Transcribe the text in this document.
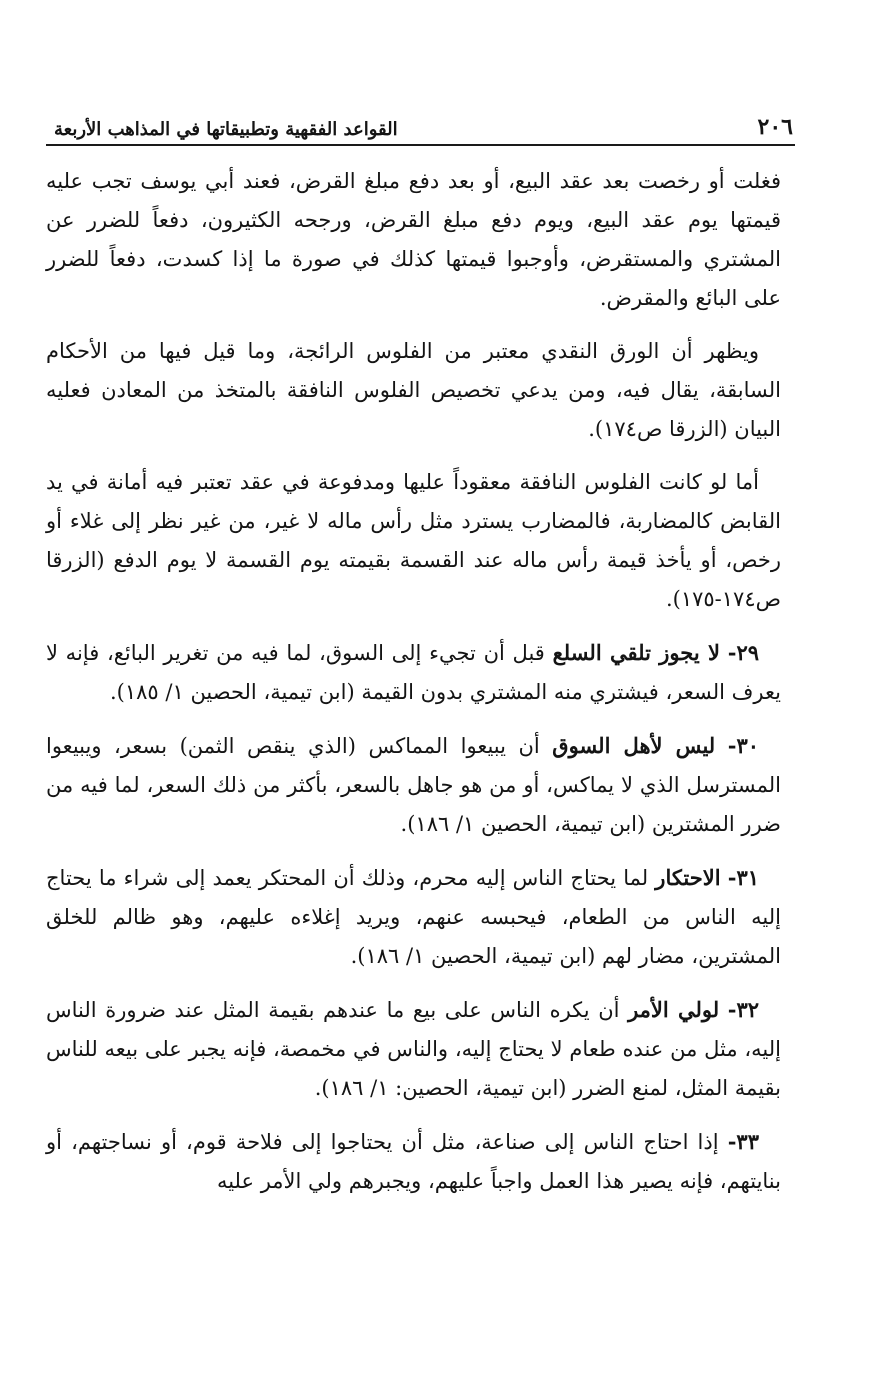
٢٠٦
القواعد الفقهية وتطبيقاتها في المذاهب الأربعة

فغلت أو رخصت بعد عقد البيع، أو بعد دفع مبلغ القرض، فعند أبي يوسف تجب عليه قيمتها يوم عقد البيع، ويوم دفع مبلغ القرض، ورجحه الكثيرون، دفعاً للضرر عن المشتري والمستقرض، وأوجبوا قيمتها كذلك في صورة ما إذا كسدت، دفعاً للضرر على البائع والمقرض.

ويظهر أن الورق النقدي معتبر من الفلوس الرائجة، وما قيل فيها من الأحكام السابقة، يقال فيه، ومن يدعي تخصيص الفلوس النافقة بالمتخذ من المعادن فعليه البيان (الزرقا ص١٧٤).

أما لو كانت الفلوس النافقة معقوداً عليها ومدفوعة في عقد تعتبر فيه أمانة في يد القابض كالمضاربة، فالمضارب يسترد مثل رأس ماله لا غير، من غير نظر إلى غلاء أو رخص، أو يأخذ قيمة رأس ماله عند القسمة بقيمته يوم القسمة لا يوم الدفع (الزرقا ص١٧٤-١٧٥).

٢٩- لا يجوز تلقي السلع قبل أن تجيء إلى السوق، لما فيه من تغرير البائع، فإنه لا يعرف السعر، فيشتري منه المشتري بدون القيمة (ابن تيمية، الحصين ١/ ١٨٥).

٣٠- ليس لأهل السوق أن يبيعوا المماكس (الذي ينقص الثمن) بسعر، ويبيعوا المسترسل الذي لا يماكس، أو من هو جاهل بالسعر، بأكثر من ذلك السعر، لما فيه من ضرر المشترين (ابن تيمية، الحصين ١/ ١٨٦).

٣١- الاحتكار لما يحتاج الناس إليه محرم، وذلك أن المحتكر يعمد إلى شراء ما يحتاج إليه الناس من الطعام، فيحبسه عنهم، ويريد إغلاءه عليهم، وهو ظالم للخلق المشترين، مضار لهم (ابن تيمية، الحصين ١/ ١٨٦).

٣٢- لولي الأمر أن يكره الناس على بيع ما عندهم بقيمة المثل عند ضرورة الناس إليه، مثل من عنده طعام لا يحتاج إليه، والناس في مخمصة، فإنه يجبر على بيعه للناس بقيمة المثل، لمنع الضرر (ابن تيمية، الحصين: ١/ ١٨٦).

٣٣- إذا احتاج الناس إلى صناعة، مثل أن يحتاجوا إلى فلاحة قوم، أو نساجتهم، أو بنايتهم، فإنه يصير هذا العمل واجباً عليهم، ويجبرهم ولي الأمر عليه
